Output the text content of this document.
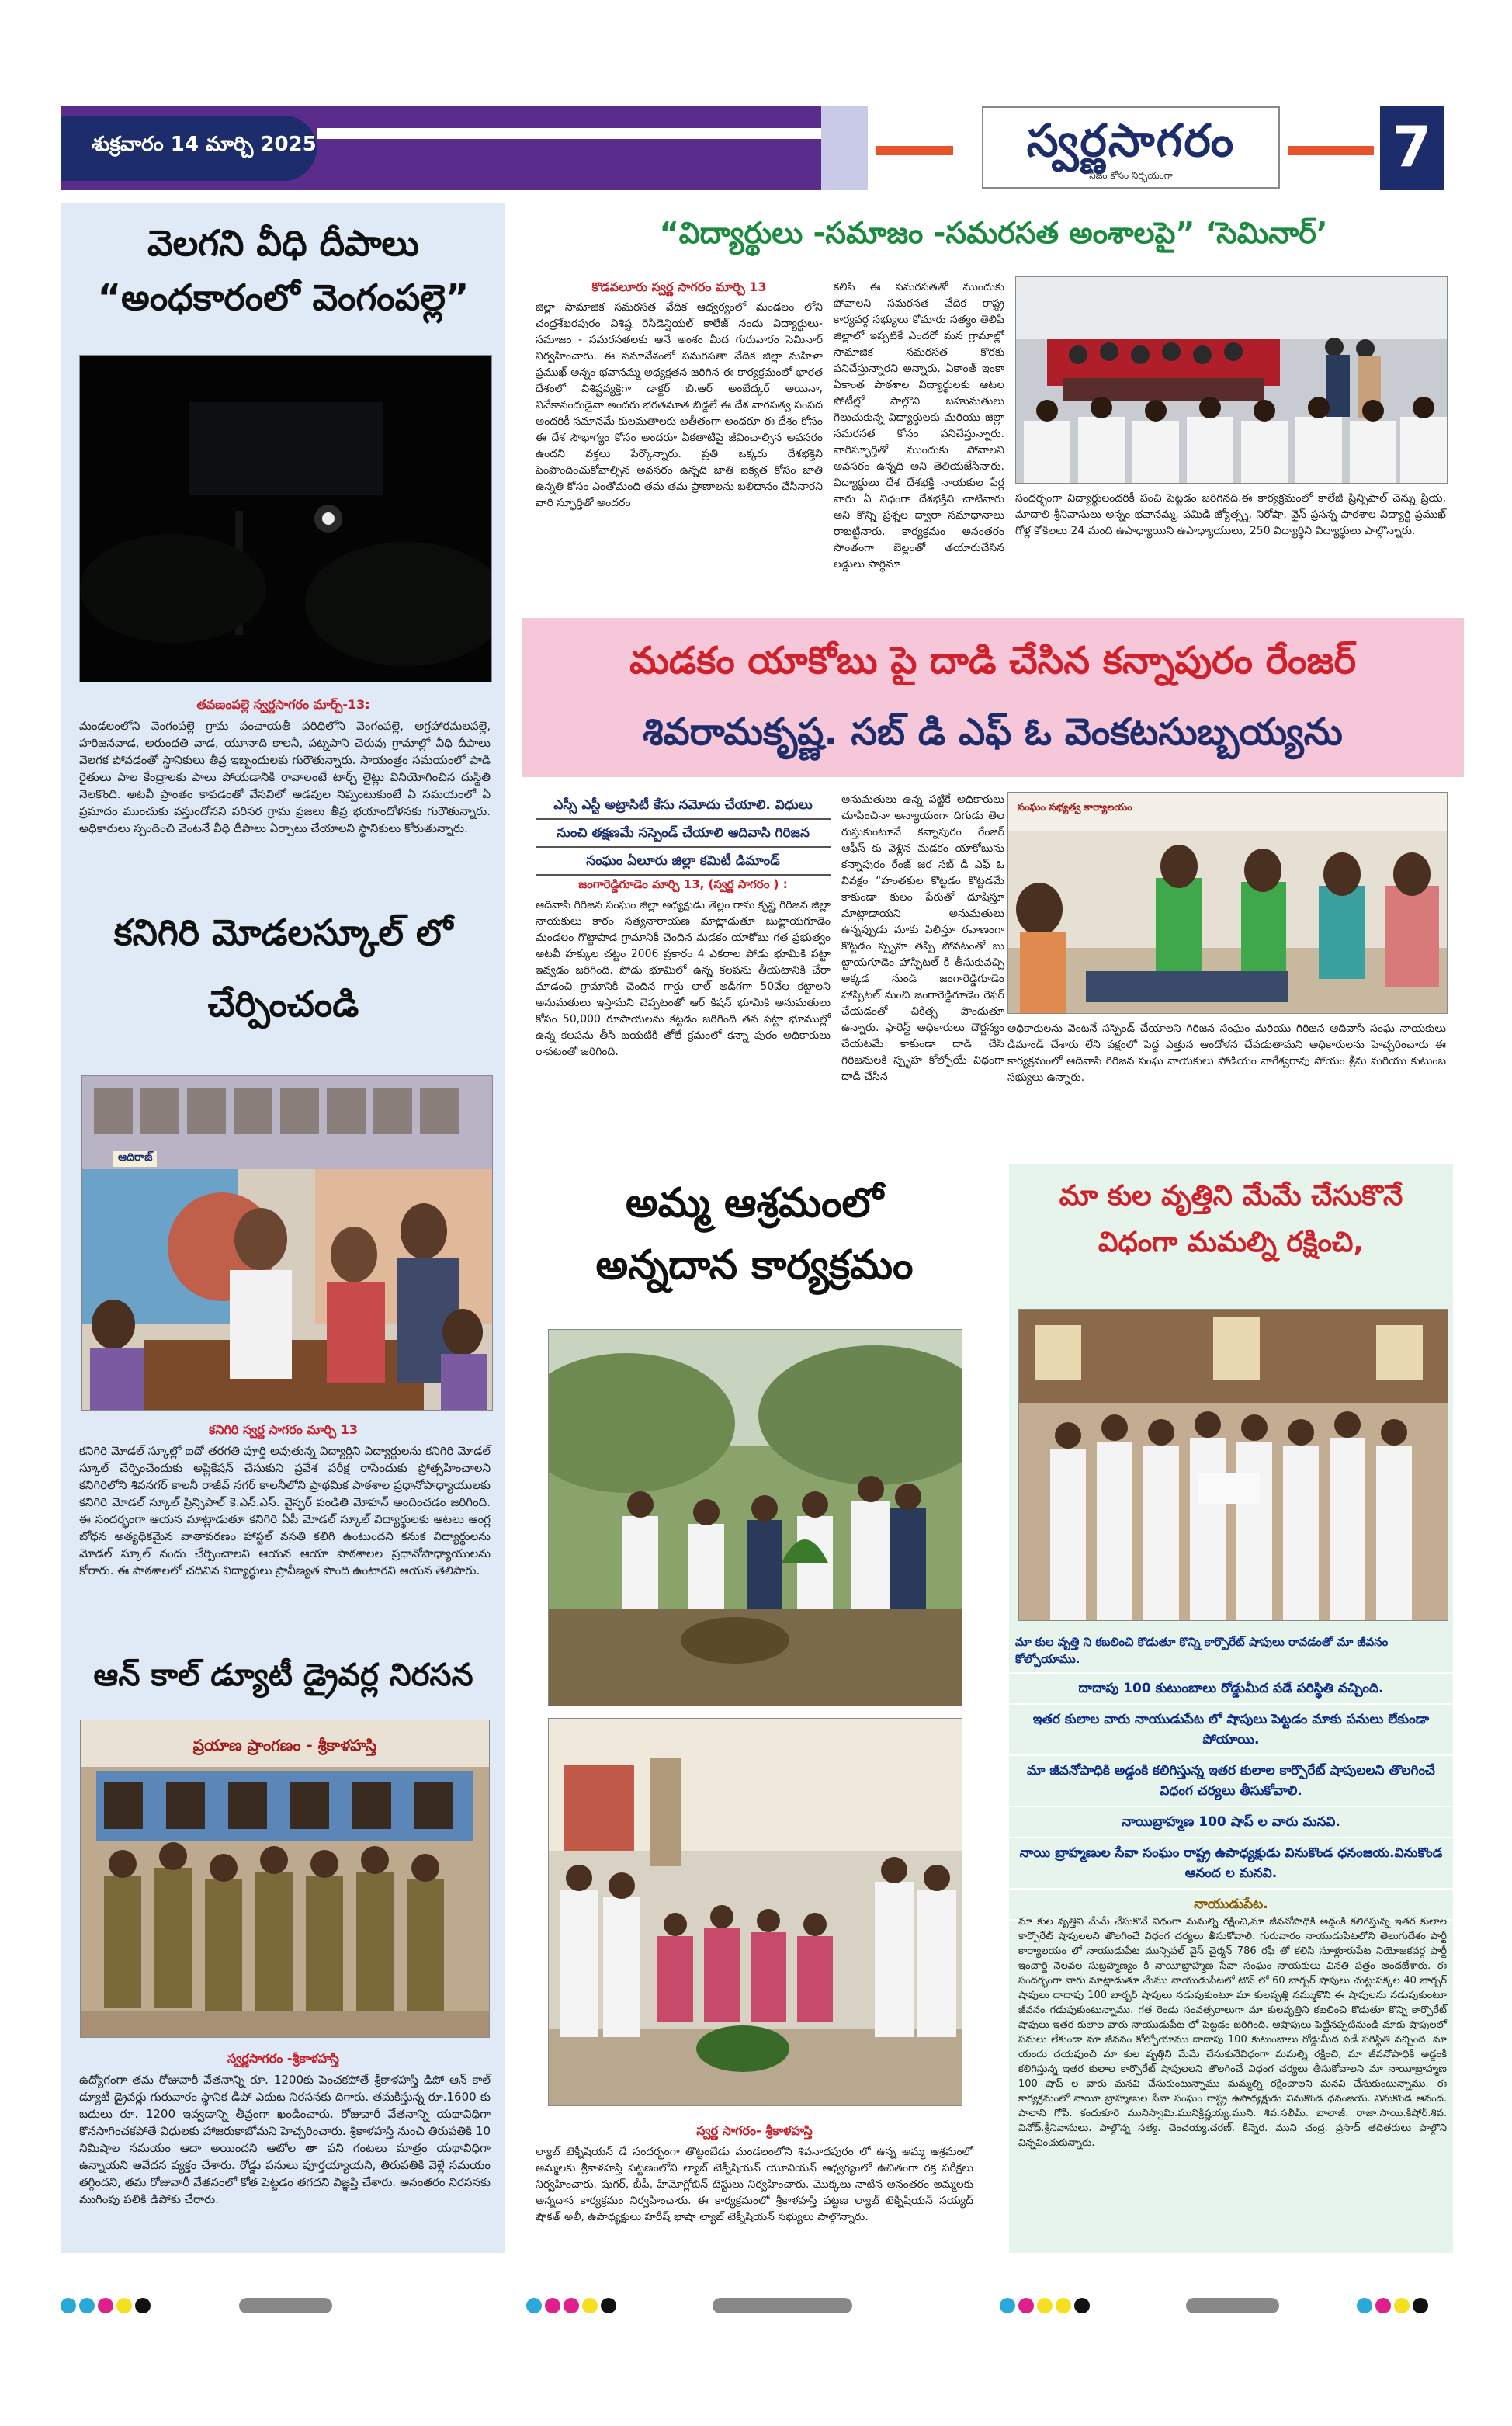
శుక్రవారం 14 మార్చి 2025	స్వర్ణసాగరం
నిజం కోసం నిర్భయంగా	7
వెలగని వీధి దీపాలు
“అంధకారంలో వెంగంపల్లె”
తవణంపల్లె స్వర్ణసాగరం మార్చ్-13:
మండలంలోని వెంగంపల్లె గ్రామ పంచాయతీ పరిధిలోని వెంగంపల్లె, అగ్రహారమలపల్లె, హరిజనవాడ, అరుంధతి వాడ, యూనాది కాలనీ, పట్నపాని చెరువు గ్రామాల్లో వీధి దీపాలు వెలగక పోవడంతో స్థానికులు తీవ్ర ఇబ్బందులకు గురౌతున్నారు. సాయంత్రం సమయంలో పాడి రైతులు పాల కేంద్రాలకు పాలు పోయడానికి రావాలంటే టార్చ్ లైట్లు వినియోగించిన దుస్థితి నెలకొంది. అటవీ ప్రాంతం కావడంతో వేసవిలో అడవుల నిప్పంటుకుంటే ఏ సమయంలో ఏ ప్రమాదం ముంచుకు వస్తుందోనని పరిసర గ్రామ ప్రజలు తీవ్ర భయాందోళనకు గురౌతున్నారు. అధికారులు స్పందించి వెంటనే వీధి దీపాలు ఏర్పాటు చేయాలని స్థానికులు కోరుతున్నారు.
కనిగిరి మోడలస్కూల్ లో
చేర్పించండి
ఆదిరాజ్
కనిగిరి స్వర్ణ సాగరం మార్చి 13
కనిగిరి మోడల్ స్కూల్లో ఐదో తరగతి పూర్తి అవుతున్న విద్యార్థిని విద్యార్థులను కనిగిరి మోడల్ స్కూల్ చేర్పించేందుకు అప్లికేషన్ చేసుకుని ప్రవేశ పరీక్ష రాసేందుకు ప్రోత్సహించాలని కనిగిరిలోని శివనగర్ కాలనీ రాజీవ్ నగర్ కాలనీలోని ప్రాథమిక పాఠశాల ప్రధానోపాధ్యాయులకు కనిగిరి మోడల్ స్కూల్ ప్రిన్సిపాల్ కె.ఎన్.ఎస్. వైస్ఫర్ పండితి మోహన్ అందించడం జరిగింది. ఈ సందర్భంగా ఆయన మాట్లాడుతూ కనిగిరి ఏపీ మోడల్ స్కూల్ విద్యార్థులకు ఆటలు ఆంగ్ల బోధన అత్యధికమైన వాతావరణం హాస్టల్ వసతి కలిగి ఉంటుందని కనుక విద్యార్థులను మోడల్ స్కూల్ నందు చేర్పించాలని ఆయన ఆయా పాఠశాలల ప్రధానోపాధ్యాయులను కోరారు. ఈ పాఠశాలలో చదివిన విద్యార్థులు ప్రావీణ్యత పొంది ఉంటారని ఆయన తెలిపారు.
ఆన్ కాల్ డ్యూటీ డ్రైవర్ల నిరసన
ప్రయాణ ప్రాంగణం - శ్రీకాళహస్తి
స్వర్ణసాగరం -శ్రీకాళహస్తి
ఉద్యోగంగా తమ రోజువారీ వేతనాన్ని రూ. 1200కు పెంచకపోతే శ్రీకాళహస్తి డిపో ఆన్ కాల్ డ్యూటీ డ్రైవర్లు గురువారం స్థానిక డిపో ఎదుట నిరసనకు దిగారు. తమకిస్తున్న రూ.1600 కు బదులు రూ. 1200 ఇవ్వడాన్ని తీవ్రంగా ఖండించారు. రోజువారీ వేతనాన్ని యథావిధిగా కొనసాగించకపోతే విధులకు హాజరుకాబోమని హెచ్చరించారు. శ్రీకాళహస్తి నుంచి తిరుపతికి 10 నిమిషాల సమయం ఆదా అయిందని ఆటోల తా పని గంటలు మాత్రం యథావిధిగా ఉన్నాయని ఆవేదన వ్యక్తం చేశారు. రోడ్డు పనులు పూర్తయ్యాయని, తిరుపతికి వెళ్లే సమయం తగ్గిందని, తమ రోజువారీ వేతనంలో కోత పెట్టడం తగదని విజ్ఞప్తి చేశారు. అనంతరం నిరసనకు ముగింపు పలికి డిపోకు చేరారు.
“విద్యార్థులు -సమాజం -సమరసత అంశాలపై” ‘సెమినార్’
కొడవలూరు స్వర్ణ సాగరం మార్చి 13
జిల్లా సామాజిక సమరసత వేదిక ఆధ్వర్యంలో మండలం లోని చంద్రశేఖరపురం విశిష్ట రెసిడెన్షియల్ కాలేజ్ నందు విద్యార్థులు- సమాజం - సమరసతలకు ఆనే అంశం మీద గురువారం సెమినార్ నిర్వహించారు. ఈ సమావేశంలో సమరసతా వేదిక జిల్లా మహిళా ప్రముఖ్ అన్నం భవానమ్మ అధ్యక్షతన జరిగిన ఈ కార్యక్రమంలో భారత దేశంలో విశిష్టవ్యక్తిగా డాక్టర్ బి.ఆర్ అంబేద్కర్ అయినా, వివేకానందుడైనా అందరు భరతమాత బిడ్డలే ఈ దేశ వారసత్వ సంపద అందరికీ సమానమే కులమతాలకు అతీతంగా అందరూ ఈ దేశం కోసం ఈ దేశ సౌభాగ్యం కోసం అందరూ ఏకతాటిపై జీవించాల్సిన అవసరం ఉందని వక్తలు పేర్కొన్నారు. ప్రతి ఒక్కరు దేశభక్తిని పెంపొందించుకోవాల్సిన అవసరం ఉన్నది జాతి ఐక్యత కోసం జాతి ఉన్నతి కోసం ఎంతోమంది తమ తమ ప్రాణాలను బలిదానం చేసినారని వారి స్ఫూర్తితో అందరం
కలిసి ఈ సమరసతతో ముందుకు పోవాలని సమరసత వేదిక రాష్ట్ర కార్యవర్గ సభ్యులు కోమారు సత్యం తెలిపి జిల్లాలో ఇప్పటికే ఎందరో మన గ్రామాల్లో సామాజిక సమరసత కొరకు పనిచేస్తున్నారని అన్నారు. ఏకాంత్ ఇంకా ఏకాంత పాఠశాల విద్యార్థులకు ఆటల పోటీల్లో పాల్గొని బహుమతులు గెలుచుకున్న విద్యార్థులకు మరియు జిల్లా సమరసత కోసం పనిచేస్తున్నారు. వారిస్ఫూర్తితో ముందుకు పోవాలని అవసరం ఉన్నది అని తెలియజేసినారు. విద్యార్థులు దేశ దేశభక్తి నాయకుల పేర్ల వారు ఏ విధంగా దేశభక్తిని చాటినారు అని కొన్ని ప్రశ్నల ద్వారా సమాధానాలు రాబట్టినారు. కార్యక్రమం అనంతరం సొంతంగా బెల్లంతో తయారుచేసిన లడ్డులు పార్థిమా
సందర్భంగా విద్యార్థులందరికీ పంచి పెట్టడం జరిగినది.ఈ కార్యక్రమంలో కాలేజీ ప్రిన్సిపాల్ చెన్ను ప్రియ, మాదాలి శ్రీనివాసులు అన్నం భవానమ్మ, పమిడి జ్యోత్స్న, నిరోషా, వైస్ ప్రసన్న పాఠశాల విద్యార్థి ప్రముఖ్ గోళ్ల కోకిలలు 24 మంది ఉపాధ్యాయిని ఉపాధ్యాయులు, 250 విద్యార్థిని విద్యార్థులు పాల్గొన్నారు.
మడకం యాకోబు పై దాడి చేసిన కన్నాపురం రేంజర్
శివరామకృష్ణ. సబ్ డి ఎఫ్ ఓ వెంకటసుబ్బయ్యను
ఎస్సీ ఎస్టీ అట్రాసిటీ కేసు నమోదు చేయాలి. విధులు
నుంచి తక్షణమే సస్పెండ్ చేయాలి ఆదివాసి గిరిజన
సంఘం ఏలూరు జిల్లా కమిటీ డిమాండ్
జంగారెడ్డిగూడెం మార్చి 13, (స్వర్ణ సాగరం ) :
ఆదివాసి గిరిజన సంఘం జిల్లా అధ్యక్షుడు తెల్లం రామ కృష్ణ గిరిజన జిల్లా నాయకులు కారం సత్యనారాయణ మాట్లాడుతూ బుట్టాయగూడెం మండలం గొట్టాపాడ గ్రామానికి చెందిన మడకం యాకోబు గత ప్రభుత్వం అటవీ హక్కుల చట్టం 2006 ప్రకారం 4 ఎకరాల పోడు భూమికి పట్టా ఇవ్వడం జరిగింది. పోడు భూమిలో ఉన్న కలపను తీయటానికి చేరా మాడంచి గ్రామానికి చెందిన గార్డు లాల్ అడిగగా 50వేల కట్టాలని అనుమతులు ఇస్తామని చెప్పటంతో ఆర్ కిషన్ భూమికి అనుమతులు కోసం 50,000 రూపాయలను కట్టడం జరిగింది తన పట్టా భూముల్లో ఉన్న కలపను తీసి బయటికి తోలే క్రమంలో కన్నా పురం అధికారులు రావటంతో జరిగింది.
అనుమతులు ఉన్న పట్టికే అధికారులు చూపించినా అన్యాయంగా దిగుడు తెల రుస్తుకుంటూనే కన్నాపురం రేంజర్ ఆఫీస్ కు వెళ్లిన మడకం యాకోబును కన్నాపురం రేంజ్ జర సబ్ డి ఎఫ్ ఓ వివక్షం “హంతకుల కొట్టడం కొట్టడమే కాకుండా కులం పేరుతో దూషిస్తూ మాట్లాడాయని అనుమతులు ఉన్నప్పుడు మాకు పిలిస్తూ రవాణంగా కొట్టడం స్పృహ తప్పి పోవటంతో బు ట్టాయగూడెం హాస్పిటల్ కి తీసుకువచ్చి అక్కడ నుండి జంగారెడ్డిగూడెం హాస్పిటల్ నుంచి జంగారెడ్డిగూడెం రెఫర్ చేయడంతో చికిత్స పొందుతూ ఉన్నారు. ఫారెస్ట్ అధికారులు దౌర్జన్యం చేయటమే కాకుండా దాడి చేసి గిరిజనులకి స్పృహ కోల్పోయే విధంగా దాడి చేసిన
సంఘం సభ్యత్వ కార్యాలయం
అధికారులను వెంటనే సస్పెండ్ చేయాలని గిరిజన సంఘం మరియు గిరిజన ఆదివాసి సంఘ నాయకులు డిమాండ్ చేశారు లేని పక్షంలో పెద్ద ఎత్తున ఆందోళన చేపడుతామని అధికారులను హెచ్చరించారు ఈ కార్యక్రమంలో ఆదివాసి గిరిజన సంఘ నాయకులు పోడియం నాగేశ్వరావు సోయం శ్రీను మరియు కుటుంబ సభ్యులు ఉన్నారు.
అమ్మ ఆశ్రమంలో
అన్నదాన కార్యక్రమం
స్వర్ణ సాగరం- శ్రీకాళహస్తి
ల్యాబ్ టెక్నీషియన్ డే సందర్భంగా తొట్టంబేడు మండలంలోని శివనాథపురం లో ఉన్న అమ్మ ఆశ్రమంలో అమ్మలకు శ్రీకాళహస్తి పట్టణంలోని ల్యాబ్ టెక్నీషియన్ యూనియన్ ఆధ్వర్యంలో ఉచితంగా రక్త పరీక్షలు నిర్వహించారు. షుగర్, బీపీ, హిమోగ్లోబిన్ టెస్టులు నిర్వహించారు. మొక్కలు నాటిన అనంతరం అమ్మలకు అన్నదాన కార్యక్రమం నిర్వహించారు. ఈ కార్యక్రమంలో శ్రీకాళహస్తి పట్టణ ల్యాబ్ టెక్నీషియన్ సయ్యద్ షౌకత్ అలీ, ఉపాధ్యక్షులు హరీష్ భాషా ల్యాబ్ టెక్నీషియన్ సభ్యులు పాల్గొన్నారు.
మా కుల వృత్తిని మేమే చేసుకొనే
విధంగా మమల్ని రక్షించి,
మా కుల వృత్తి ని కబలించి కొడుతూ కొన్ని కార్పొరేట్ షాపులు రావడంతో మా జీవనం కోల్పోయాము.
దాదాపు 100 కుటుంబాలు రోడ్డుమీద పడే పరిస్థితి వచ్చింది.
ఇతర కులాల వారు నాయుడుపేట లో షాపులు పెట్టడం మాకు పనులు లేకుండా పోయాయి.
మా జీవనోపాధికి అడ్డంకి కలిగిస్తున్న ఇతర కులాల కార్పొరేట్ షాపులలని తొలగించే విధంగ చర్యలు తీసుకోవాలి.
నాయిబ్రాహ్మణ 100 షాప్ ల వారు మనవి.
నాయి బ్రాహ్మణుల సేవా సంఘం రాష్ట్ర ఉపాధ్యక్షుడు వినుకొండ ధనంజయ.వినుకొండ ఆనంద ల మనవి.
నాయుడుపేట.
మా కుల వృత్తిని మేమే చేసుకొనే విధంగా మమల్ని రక్షించి,మా జీవనోపాధికి అడ్డంకి కలిగిస్తున్న ఇతర కులాల కార్పొరేట్ షాపులలని తొలగించే విధంగ చర్యలు తీసుకోవాలి. గురువారం నాయుడుపేటలోని తెలుగుదేశం పార్టీ కార్యాలయం లో నాయుడుపేట మున్సిపల్ వైస్ చైర్మన్ 786 రఫీ తో కలిసి సూళ్లూరుపేట నియోజకవర్గ పార్టీ ఇంచార్జి నెలవల సుబ్రహ్మణ్యం కి నాయీబ్రాహ్మణ సేవా సంఘం నాయకులు వినతి పత్రం అందజేశారు. ఈ సందర్భంగా వారు మాట్లాడుతూ మేము నాయుడుపేటలో టౌన్ లో 60 బార్బర్ షాపులు చుట్టుపక్కల 40 బార్బర్ షాపులు దాదాపు 100 బార్బర్ షాపులు నడుపుకుంటూ మా కులవృత్తి నమ్ముకొని ఈ షాపులను నడుపుకుంటూ జీవనం గడుపుకుంటున్నాము. గత రెండు సంవత్సరాలుగా మా కులవృత్తిని కబలించి కొడుతూ కొన్ని కార్పొరేట్ షాపులు ఇతర కులాల వారు నాయుడుపేట లో పెట్టడం జరిగింది. ఆషాపులు పెట్టినప్పటినుండి మాకు షాపులలో పనులు లేకుండా మా జీవనం కోల్పోయాము దాదాపు 100 కుటుంబాలు రోడ్డుమీద పడే పరిస్థితి వచ్చింది. మా యందు దయవుంచి మా కుల వృత్తిని మేమే చేసుకునేవిధంగా మమల్ని రక్షించి, మా జీవనోపాధికి అడ్డంకి కలిగిస్తున్న ఇతర కులాల కార్పొరేట్ షాపులలని తొలగించే విధంగ చర్యలు తీసుకోవాలని మా నాయీబ్రాహ్మణ 100 షాప్ ల వారు మనవి చేసుకుంటున్నాము మమ్మల్ని రక్షించాలని మనవి చేసుకుంటున్నాము. ఈ కార్యక్రమంలో నాయీ బ్రాహ్మణుల సేవా సంఘం రాష్ట్ర ఉపాధ్యక్షుడు వినుకొండ ధనంజయ. వినుకొండ ఆనంద. పాలాని గోపి. కందుకూరి మునిస్వామి.మునిక్రిష్ణయ్య.ముని. శివ.సలీమ్. బాలాజీ. రాజా.సాయి.కిషోర్.శివ. వినోద్.శ్రీనివాసులు. పాల్గొన్న సత్య. చెంచయ్య.చరణ్. కిన్నెర. ముని చంద్ర. ప్రసాద్ తదితరులు పాల్గొని విన్నవించుకున్నారు.
